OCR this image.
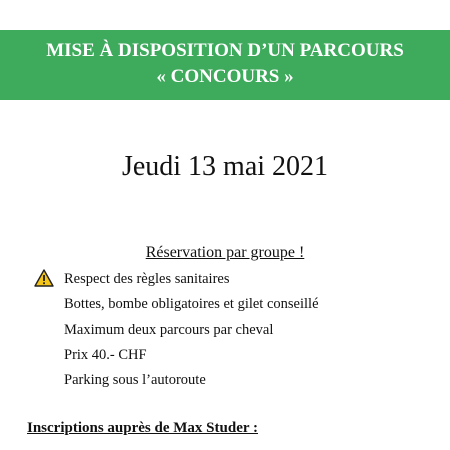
MISE À DISPOSITION D’UN PARCOURS
« CONCOURS »
Jeudi 13 mai 2021
Réservation par groupe !
Respect des règles sanitaires
Bottes, bombe obligatoires et gilet conseillé
Maximum deux parcours par cheval
Prix 40.- CHF
Parking sous l’autoroute
Inscriptions auprès de Max Studer :
